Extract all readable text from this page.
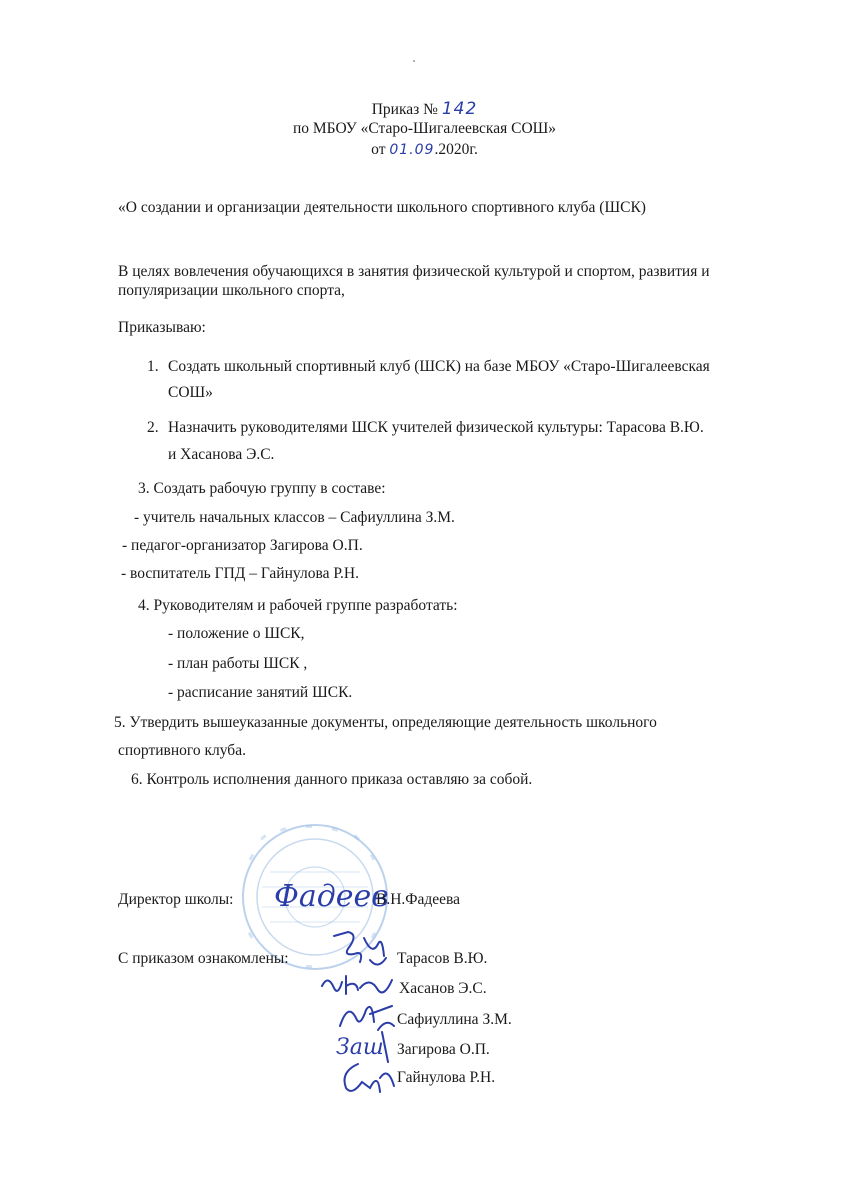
Приказ № 142
по МБОУ «Старо-Шигалеевская СОШ»
от 01.09.2020г.
«О создании и организации деятельности школьного спортивного клуба (ШСК)
В целях вовлечения обучающихся в занятия физической культурой и спортом, развития и
популяризации школьного спорта,
Приказываю:
1. Создать школьный спортивный клуб (ШСК) на базе МБОУ «Старо-Шигалеевская
СОШ»
2. Назначить руководителями ШСК учителей физической культуры: Тарасова В.Ю.
и Хасанова Э.С.
3. Создать рабочую группу в составе:
- учитель начальных классов – Сафиуллина З.М.
- педагог-организатор Загирова О.П.
- воспитатель ГПД – Гайнулова Р.Н.
4. Руководителям и рабочей группе разработать:
- положение о ШСК,
- план работы ШСК ,
- расписание занятий ШСК.
5. Утвердить вышеуказанные документы, определяющие деятельность школьного
спортивного клуба.
6. Контроль исполнения данного приказа оставляю за собой.
Директор школы: Фадеев
В.Н.Фадеева
С приказом ознакомлены:	Тарасов В.Ю.
Хасанов Э.С.
Сафиуллина З.М.
Загирова О.П.
Гайнулова Р.Н.
Заш
